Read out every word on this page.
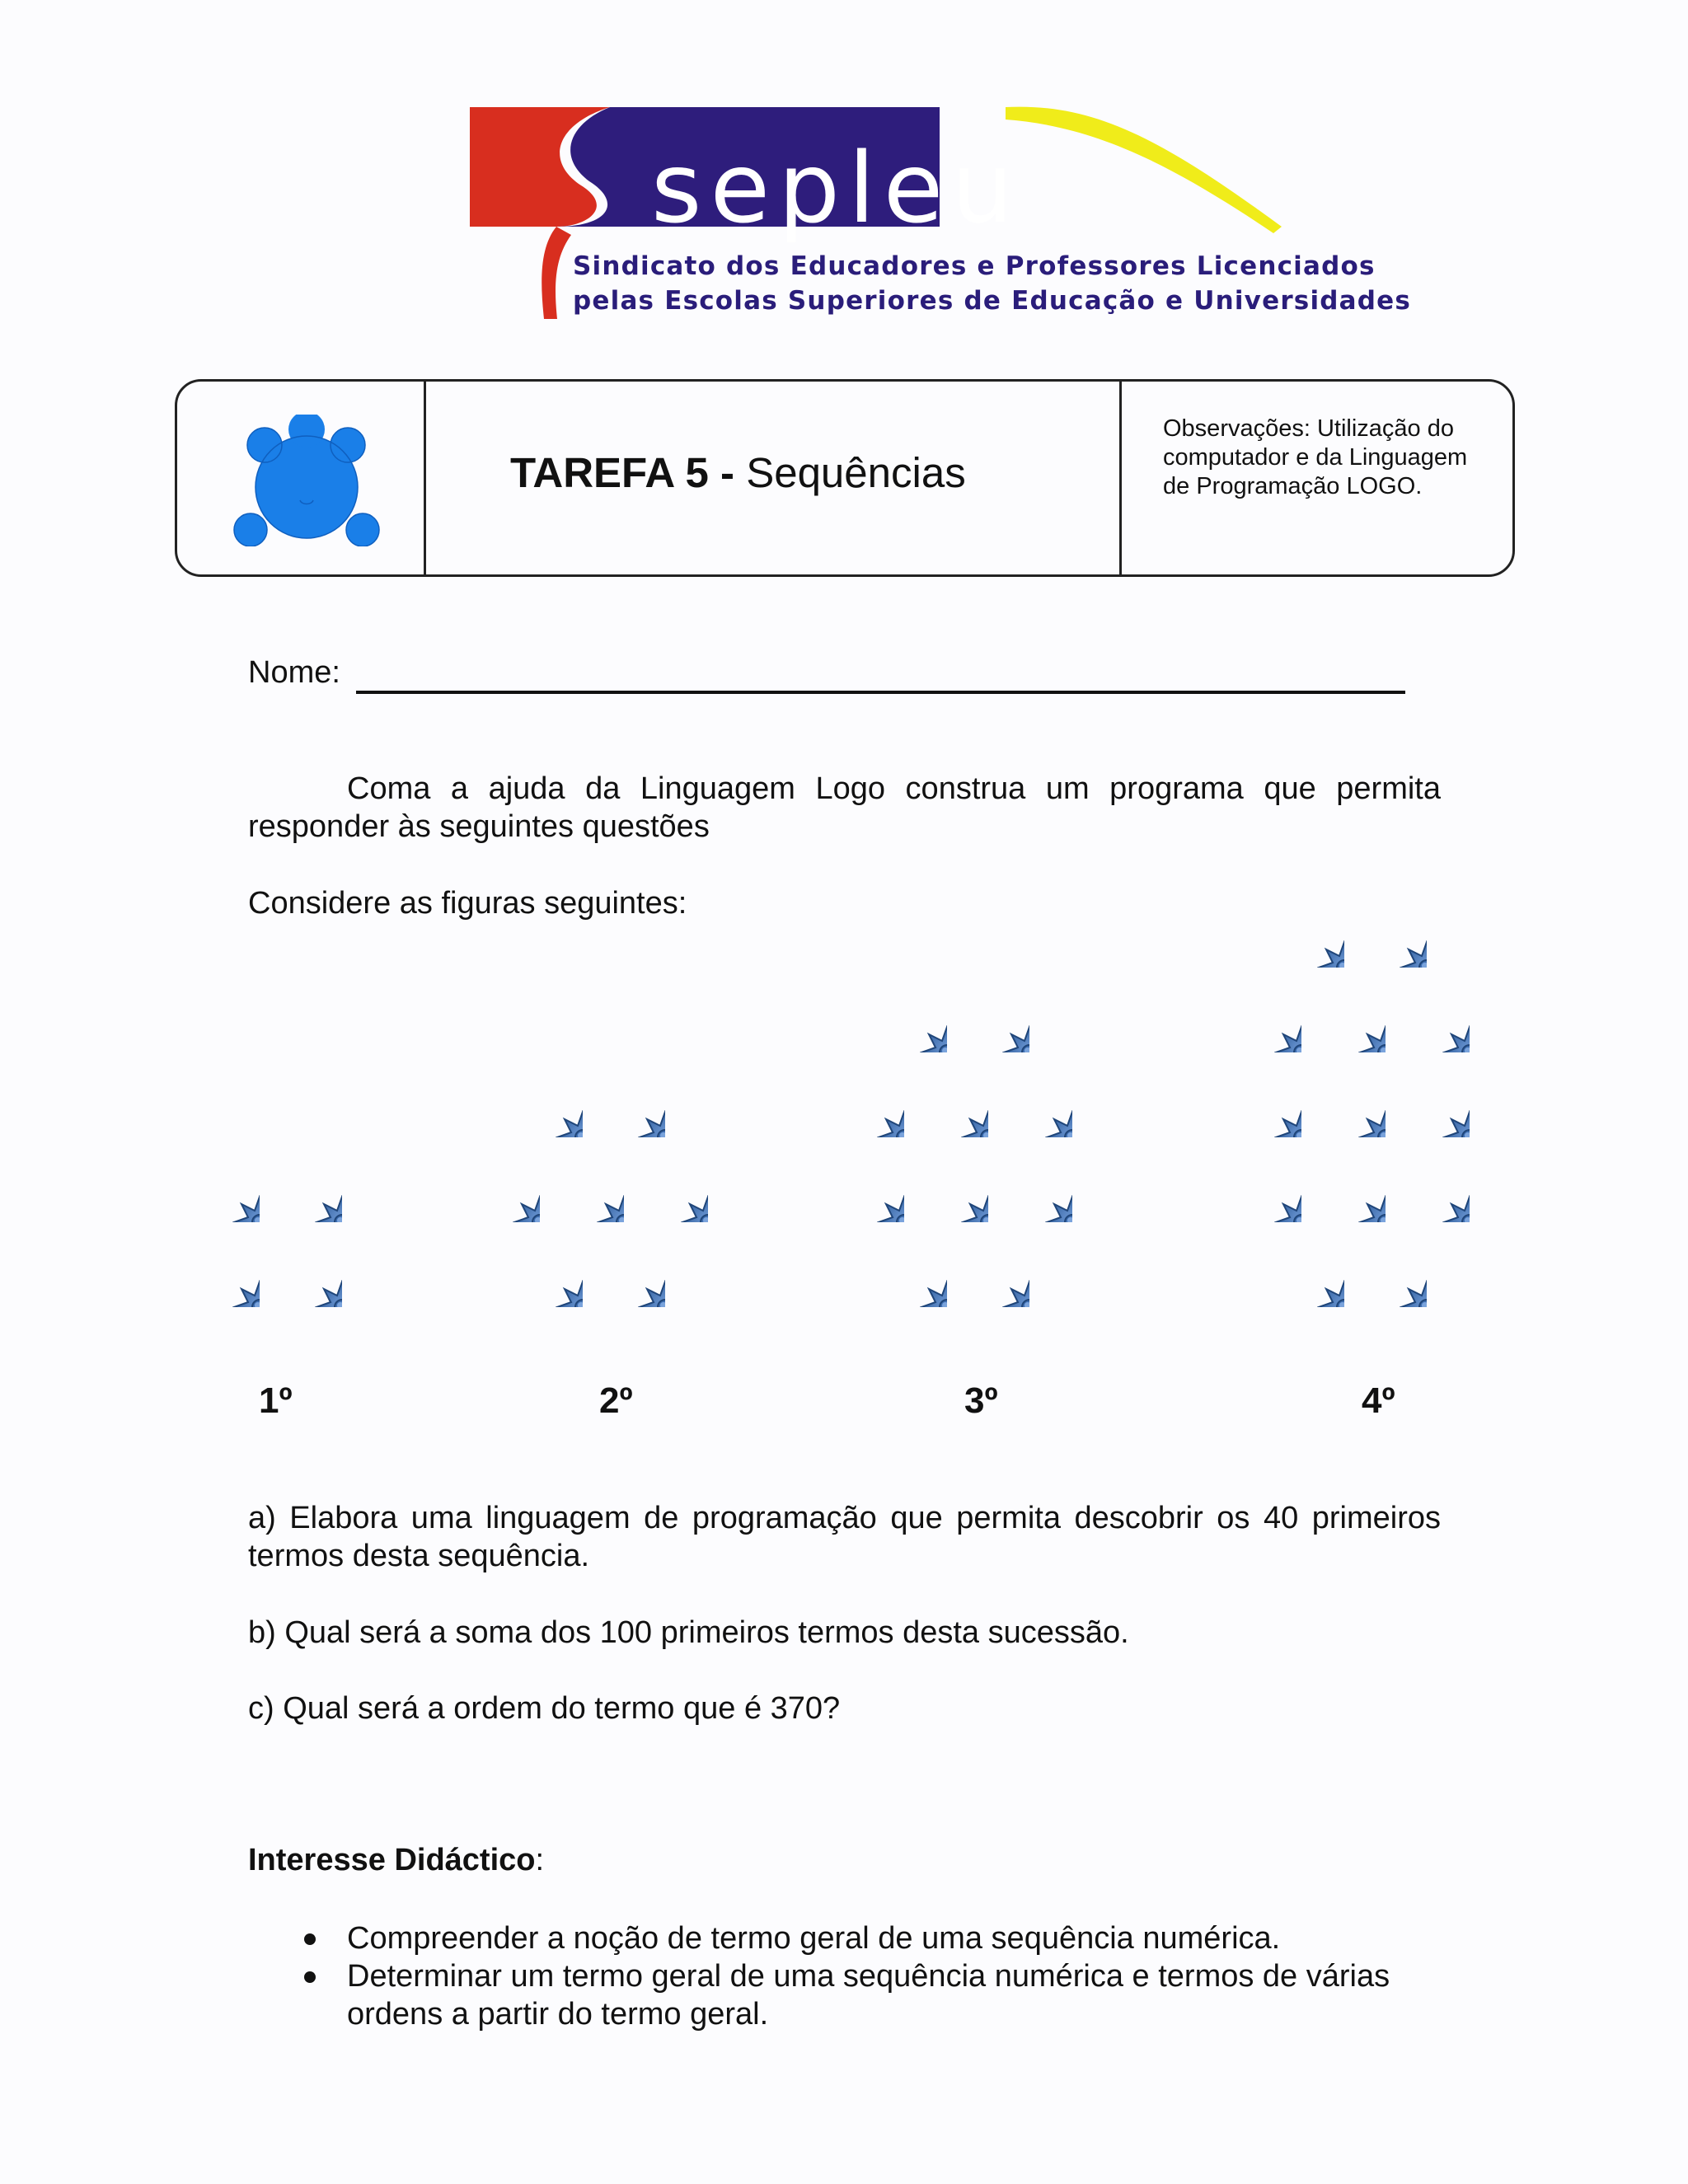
sepleu
Sindicato dos Educadores e Professores Licenciados
pelas Escolas Superiores de Educação e Universidades
TAREFA 5 - Sequências
Observações: Utilização do computador e da Linguagem de Programação LOGO.
Nome:
Coma a ajuda da Linguagem Logo construa um programa que permita responder às seguintes questões
Considere as figuras seguintes:
1º	2º	3º	4º
a) Elabora uma linguagem de programação que permita descobrir os 40 primeiros termos desta sequência.
b) Qual será a soma dos 100 primeiros termos desta sucessão.
c) Qual será a ordem do termo que é 370?
Interesse Didáctico:
Compreender a noção de termo geral de uma sequência numérica.
Determinar um termo geral de uma sequência numérica e termos de várias ordens a partir do termo geral.
